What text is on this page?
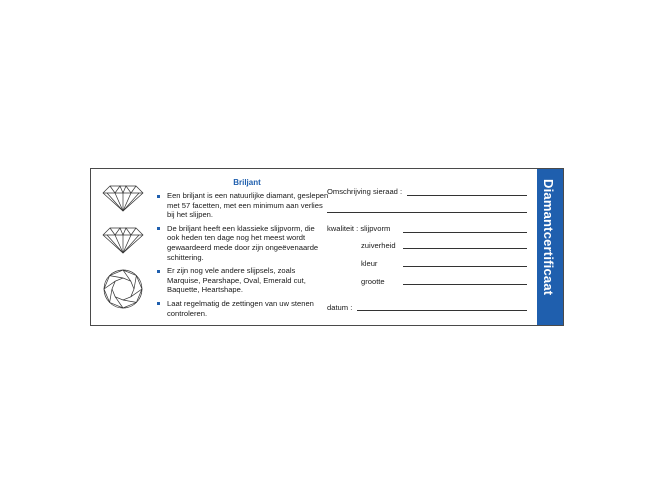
Briljant
Een briljant is een natuurlijke diamant, geslepen met 57 facetten, met een minimum aan verlies bij het slijpen.
De briljant heeft een klassieke slijpvorm, die ook heden ten dage nog het meest wordt gewaardeerd mede door zijn ongeëvenaarde schittering.
Er zijn nog vele andere slijpsels, zoals Marquise, Pearshape, Oval, Emerald cut, Baquette, Heartshape.
Laat regelmatig de zettingen van uw stenen controleren.
Omschrijving sieraad :
kwaliteit : slijpvorm
zuiverheid
kleur
grootte
datum :
Diamantcertificaat
